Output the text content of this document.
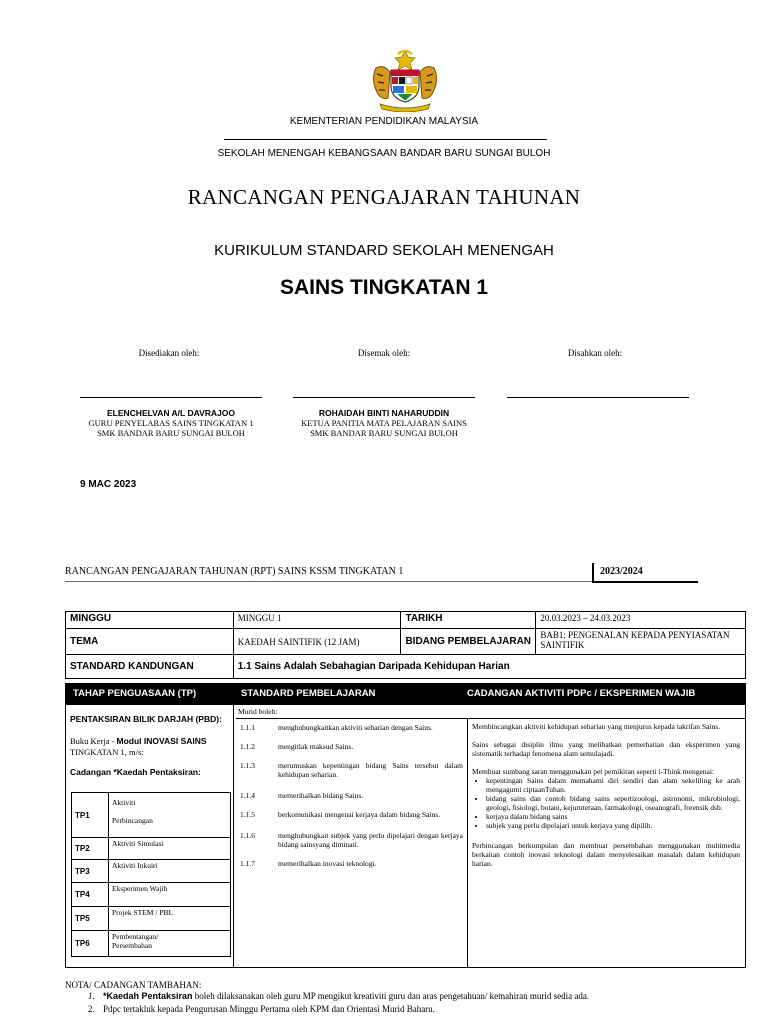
KEMENTERIAN PENDIDIKAN MALAYSIA
SEKOLAH MENENGAH KEBANGSAAN BANDAR BARU SUNGAI BULOH
RANCANGAN PENGAJARAN TAHUNAN
KURIKULUM STANDARD SEKOLAH MENENGAH
SAINS TINGKATAN 1
Disediakan oleh:	Disemak oleh:	Disahkan oleh:
ELENCHELVAN A/L DAVRAJOO
GURU PENYELARAS SAINS TINGKATAN 1
SMK BANDAR BARU SUNGAI BULOH
ROHAIDAH BINTI NAHARUDDIN
KETUA PANITIA MATA PELAJARAN SAINS
SMK BANDAR BARU SUNGAI BULOH
9 MAC 2023
RANCANGAN PENGAJARAN TAHUNAN (RPT) SAINS KSSM TINGKATAN 1	2023/2024
MINGGU	MINGGU 1	TARIKH	20.03.2023 – 24.03.2023
TEMA	KAEDAH SAINTIFIK (12 JAM)	BIDANG PEMBELAJARAN	BAB1: PENGENALAN KEPADA PENYIASATAN SAINTIFIK
STANDARD KANDUNGAN	1.1 Sains Adalah Sebahagian Daripada Kehidupan Harian		
TAHAP PENGUASAAN (TP)	STANDARD PEMBELAJARAN	CADANGAN AKTIVITI PDPc / EKSPERIMEN WAJIB
PENTAKSIRAN BILIK DARJAH (PBD):
Buku Kerja - Modul INOVASI SAINS
TINGKATAN 1, m/s:
Cadangan *Kaedah Pentaksiran:
TP1	Aktiviti
Perbincangan

TP2	Aktiviti Simulasi
TP3	Aktiviti Inkuiri
TP4	Eksperimen Wajib
TP5	Projek STEM / PBL
TP6	Pembentangan/
Persembahan
Murid boleh:
1.1.1	menghubungkaitkan aktiviti seharian dengan Sains.
1.1.2	mengitlak maksud Sains.
1.1.3	merumuskan kepentingan bidang Sains tersebut dalam kehidupan seharian.
1.1.4	memerihalkan bidang Sains.
1.1.5	berkomunikasi mengenai kerjaya dalam bidang Sains.
1.1.6	menghubungkait subjek yang perlu dipelajari dengan kerjaya bidang sainsyang diminati.
1.1.7	memerihalkan inovasi teknologi.
Membincangkan aktiviti kehidupan seharian yang menjurus kepada takrifan Sains.
Sains sebagai disiplin ilmu yang melibatkan pemerhatian dan eksperimen yang sistematik terhadap fenomena alam semulajadi.
Membuat sumbang saran menggunakan pet pemikiran seperti i-Think mengenai:
• kepentingan Sains dalam memahami diri sendiri dan alam sekeliling ke arah mengagumi ciptaanTuhan.
• bidang sains dan contoh bidang sains sepertizoologi, astronomi, mikrobiologi, geologi, fisiologi, botani, kejuruteraan, farmakologi, oseanografi, forensik dsb.
• kerjaya dalam bidang sains
• subjek yang perlu dipelajari untuk kerjaya yang dipilih.
Perbincangan berkumpulan dan membuat persembahan menggunakan multimedia berkaitan contoh inovasi teknologi dalam menyelesaikan masalah dalam kehidupan harian.
NOTA/ CADANGAN TAMBAHAN:
1. *Kaedah Pentaksiran boleh dilaksanakan oleh guru MP mengikut kreativiti guru dan aras pengetahuan/ kemahiran murid sedia ada.
2. Pdpc tertakluk kepada Pengurusan Minggu Pertama oleh KPM dan Orientasi Murid Baharu.
